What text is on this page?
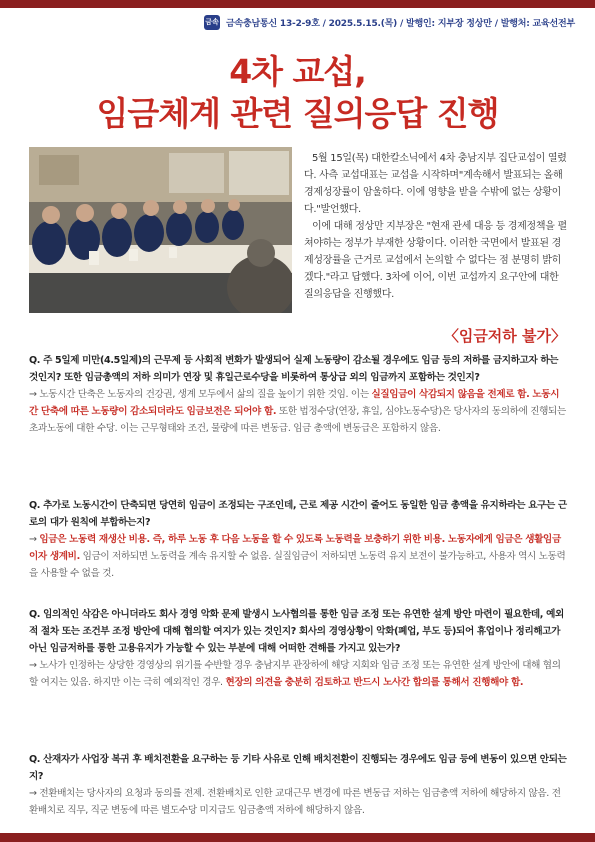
금속 금속충남통신 13-2-9호 / 2025.5.15.(목) / 발행인: 지부장 정상만 / 발행처: 교육선전부
4차 교섭,
임금체계 관련 질의응답 진행

5월 15일(목) 대한칼소닉에서 4차 충남지부 집단교섭이 열렸다. 사측 교섭대표는 교섭을 시작하며"계속해서 발표되는 올해 경제성장률이 암울하다. 이에 영향을 받을 수밖에 없는 상황이다."발언했다.

이에 대해 정상만 지부장은 "현재 관세 대응 등 경제정책을 펼쳐야하는 정부가 부재한 상황이다. 이러한 국면에서 발표된 경제성장률을 근거로 교섭에서 논의할 수 없다는 점 분명히 밝히겠다."라고 답했다. 3차에 이어, 이번 교섭까지 요구안에 대한 질의응답을 진행했다.

〈임금저하 불가〉

Q. 주 5일제 미만(4.5일제)의 근무제 등 사회적 변화가 발생되어 실제 노동량이 감소될 경우에도 임금 등의 저하를 금지하고자 하는 것인지? 또한 임금총액의 저하 의미가 연장 및 휴일근로수당을 비롯하여 통상급 외의 임금까지 포함하는 것인지?

→ 노동시간 단축은 노동자의 건강권, 생계 모두에서 삶의 질을 높이기 위한 것임. 이는 실질임금이 삭감되지 않음을 전제로 함. 노동시간 단축에 따른 노동량이 감소되더라도 임금보전은 되어야 함. 또한 법정수당(연장, 휴일, 심야노동수당)은 당사자의 동의하에 진행되는 초과노동에 대한 수당. 이는 근무형태와 조건, 물량에 따른 변동급. 임금 총액에 변동급은 포함하지 않음.

Q. 추가로 노동시간이 단축되면 당연히 임금이 조정되는 구조인데, 근로 제공 시간이 줄어도 동일한 임금 총액을 유지하라는 요구는 근로의 대가 원칙에 부합하는지?

→ 임금은 노동력 재생산 비용. 즉, 하루 노동 후 다음 노동을 할 수 있도록 노동력을 보충하기 위한 비용. 노동자에게 임금은 생활임금이자 생계비. 임금이 저하되면 노동력을 계속 유지할 수 없음. 실질임금이 저하되면 노동력 유지 보전이 불가능하고, 사용자 역시 노동력을 사용할 수 없을 것.

Q. 임의적인 삭감은 아니더라도 회사 경영 악화 문제 발생시 노사협의를 통한 임금 조정 또는 유연한 설계 방안 마련이 필요한데, 예외적 절차 또는 조건부 조정 방안에 대해 협의할 여지가 있는 것인지? 회사의 경영상황이 악화(폐업, 부도 등)되어 휴업이나 정리해고가 아닌 임금저하를 통한 고용유지가 가능할 수 있는 부분에 대해 어떠한 견해를 가지고 있는가?

→ 노사가 인정하는 상당한 경영상의 위기를 수반할 경우 충남지부 관장하에 해당 지회와 임금 조정 또는 유연한 설계 방안에 대해 협의할 여지는 있음. 하지만 이는 극히 예외적인 경우. 현장의 의견을 충분히 검토하고 반드시 노사간 합의를 통해서 진행해야 함.

Q. 산재자가 사업장 복귀 후 배치전환을 요구하는 등 기타 사유로 인해 배치전환이 진행되는 경우에도 임금 등에 변동이 있으면 안되는지?

→ 전환배치는 당사자의 요청과 동의를 전제. 전환배치로 인한 교대근무 변경에 따른 변동급 저하는 임금총액 저하에 해당하지 않음. 전환배치로 직무, 직군 변동에 따른 별도수당 미지급도 임금총액 저하에 해당하지 않음.
